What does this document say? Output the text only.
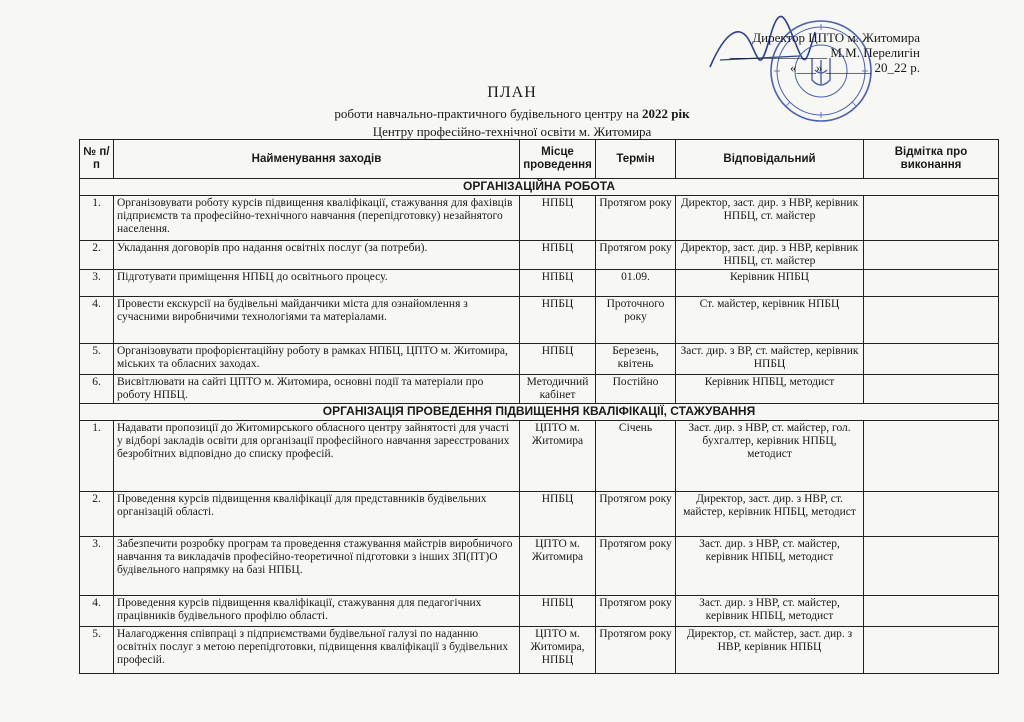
Директор ЦПТО м. Житомира
_______________ М.М. Перелигін
«___» _______ 20_22 р.
ПЛАН
роботи навчально-практичного будівельного центру на 2022 рік
Центру професійно-технічної освіти м. Житомира
№ п/п	Найменування заходів	Місце проведення	Термін	Відповідальний	Відмітка про виконання
ОРГАНІЗАЦІЙНА РОБОТА					
1.	Організовувати роботу курсів підвищення кваліфікації, стажування для фахівців підприємств та професійно-технічного навчання (перепідготовку) незайнятого населення.	НПБЦ	Протягом року	Директор, заст. дир. з НВР, керівник НПБЦ, ст. майстер	
2.	Укладання договорів про надання освітніх послуг (за потреби).	НПБЦ	Протягом року	Директор, заст. дир. з НВР, керівник НПБЦ, ст. майстер	
3.	Підготувати приміщення НПБЦ до освітнього процесу.	НПБЦ	01.09.	Керівник НПБЦ	
4.	Провести екскурсії на будівельні майданчики міста для ознайомлення з сучасними виробничими технологіями та матеріалами.	НПБЦ	Проточного року	Ст. майстер, керівник НПБЦ	
5.	Організовувати профорієнтаційну роботу в рамках НПБЦ, ЦПТО м. Житомира, міських та обласних заходах.	НПБЦ	Березень, квітень	Заст. дир. з ВР, ст. майстер, керівник НПБЦ	
6.	Висвітлювати на сайті ЦПТО м. Житомира, основні події та матеріали про роботу НПБЦ.	Методичний кабінет	Постійно	Керівник НПБЦ, методист	
ОРГАНІЗАЦІЯ ПРОВЕДЕННЯ ПІДВИЩЕННЯ КВАЛІФІКАЦІЇ, СТАЖУВАННЯ					
1.	Надавати пропозиції до Житомирського обласного центру зайнятості для участі у відборі закладів освіти для організації професійного навчання зареєстрованих безробітних відповідно до списку професій.	ЦПТО м. Житомира	Січень	Заст. дир. з НВР, ст. майстер, гол. бухгалтер, керівник НПБЦ, методист	
2.	Проведення курсів підвищення кваліфікації для представників будівельних організацій області.	НПБЦ	Протягом року	Директор, заст. дир. з НВР, ст. майстер, керівник НПБЦ, методист	
3.	Забезпечити розробку програм та проведення стажування майстрів виробничого навчання та викладачів професійно-теоретичної підготовки з інших ЗП(ПТ)О будівельного напрямку на базі НПБЦ.	ЦПТО м. Житомира	Протягом року	Заст. дир. з НВР, ст. майстер, керівник НПБЦ, методист	
4.	Проведення курсів підвищення кваліфікації, стажування для педагогічних працівників будівельного профілю області.	НПБЦ	Протягом року	Заст. дир. з НВР, ст. майстер, керівник НПБЦ, методист	
5.	Налагодження співпраці з підприємствами будівельної галузі по наданню освітніх послуг з метою перепідготовки, підвищення кваліфікації з будівельних професій.	ЦПТО м. Житомира, НПБЦ	Протягом року	Директор, ст. майстер, заст. дир. з НВР, керівник НПБЦ	
